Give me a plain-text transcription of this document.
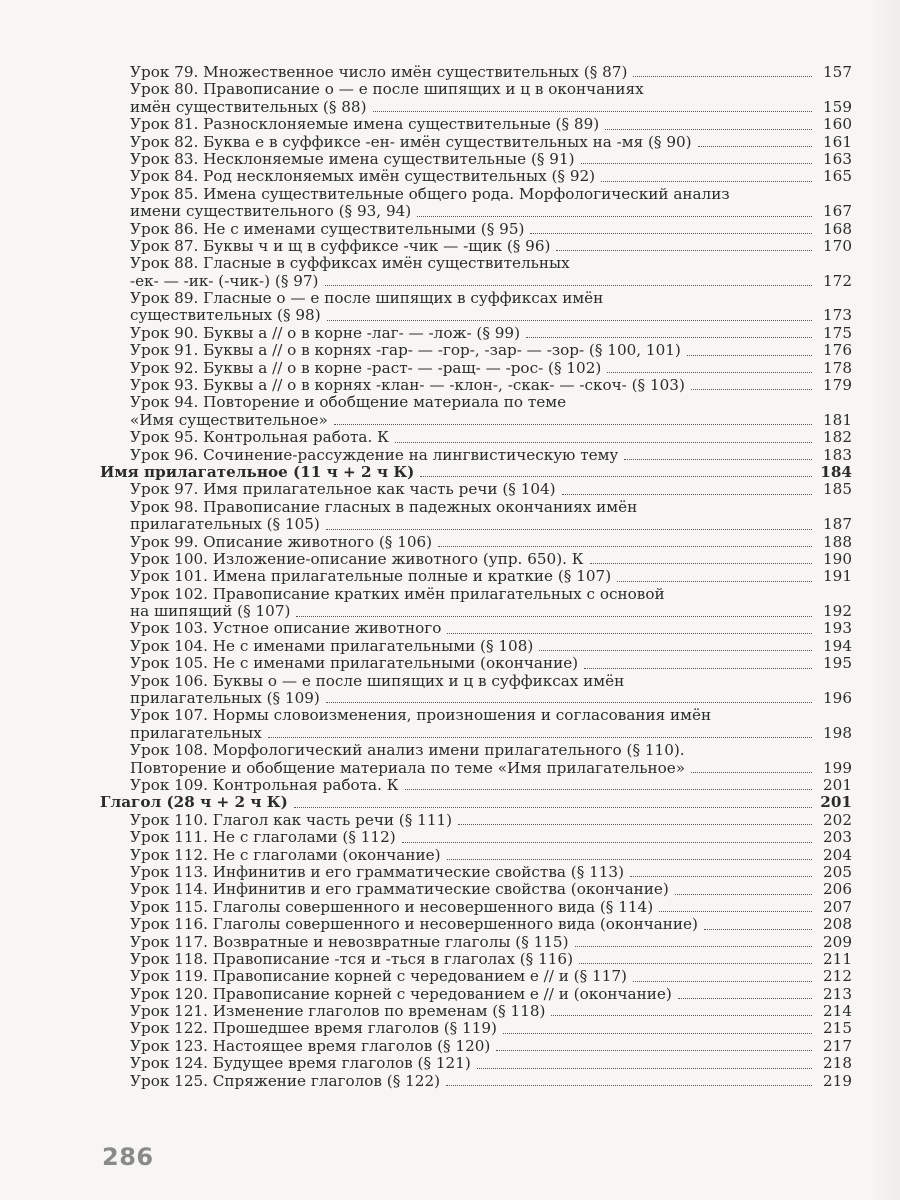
Урок 79. Множественное число имён существительных (§ 87)	157
Урок 80. Правописание о — е после шипящих и ц в окончаниях
имён существительных (§ 88)	159
Урок 81. Разносклоняемые имена существительные (§ 89)	160
Урок 82. Буква е в суффиксе -ен- имён существительных на -мя (§ 90)	161
Урок 83. Несклоняемые имена существительные (§ 91)	163
Урок 84. Род несклоняемых имён существительных (§ 92)	165
Урок 85. Имена существительные общего рода. Морфологический анализ
имени существительного (§ 93, 94)	167
Урок 86. Не с именами существительными (§ 95)	168
Урок 87. Буквы ч и щ в суффиксе -чик — -щик (§ 96)	170
Урок 88. Гласные в суффиксах имён существительных
-ек- — -ик- (-чик-) (§ 97)	172
Урок 89. Гласные о — е после шипящих в суффиксах имён
существительных (§ 98)	173
Урок 90. Буквы а // о в корне -лаг- — -лож- (§ 99)	175
Урок 91. Буквы а // о в корнях -гар- — -гор-, -зар- — -зор- (§ 100, 101)	176
Урок 92. Буквы а // о в корне -раст- — -ращ- — -рос- (§ 102)	178
Урок 93. Буквы а // о в корнях -клан- — -клон-, -скак- — -скоч- (§ 103)	179
Урок 94. Повторение и обобщение материала по теме
«Имя существительное»	181
Урок 95. Контрольная работа. К	182
Урок 96. Сочинение-рассуждение на лингвистическую тему	183
Имя прилагательное (11 ч + 2 ч К)	184
Урок 97. Имя прилагательное как часть речи (§ 104)	185
Урок 98. Правописание гласных в падежных окончаниях имён
прилагательных (§ 105)	187
Урок 99. Описание животного (§ 106)	188
Урок 100. Изложение-описание животного (упр. 650). К	190
Урок 101. Имена прилагательные полные и краткие (§ 107)	191
Урок 102. Правописание кратких имён прилагательных с основой
на шипящий (§ 107)	192
Урок 103. Устное описание животного	193
Урок 104. Не с именами прилагательными (§ 108)	194
Урок 105. Не с именами прилагательными (окончание)	195
Урок 106. Буквы о — е после шипящих и ц в суффиксах имён
прилагательных (§ 109)	196
Урок 107. Нормы словоизменения, произношения и согласования имён
прилагательных	198
Урок 108. Морфологический анализ имени прилагательного (§ 110).
Повторение и обобщение материала по теме «Имя прилагательное»	199
Урок 109. Контрольная работа. К	201
Глагол (28 ч + 2 ч К)	201
Урок 110. Глагол как часть речи (§ 111)	202
Урок 111. Не с глаголами (§ 112)	203
Урок 112. Не с глаголами (окончание)	204
Урок 113. Инфинитив и его грамматические свойства (§ 113)	205
Урок 114. Инфинитив и его грамматические свойства (окончание)	206
Урок 115. Глаголы совершенного и несовершенного вида (§ 114)	207
Урок 116. Глаголы совершенного и несовершенного вида (окончание)	208
Урок 117. Возвратные и невозвратные глаголы (§ 115)	209
Урок 118. Правописание -тся и -ться в глаголах (§ 116)	211
Урок 119. Правописание корней с чередованием е // и (§ 117)	212
Урок 120. Правописание корней с чередованием е // и (окончание)	213
Урок 121. Изменение глаголов по временам (§ 118)	214
Урок 122. Прошедшее время глаголов (§ 119)	215
Урок 123. Настоящее время глаголов (§ 120)	217
Урок 124. Будущее время глаголов (§ 121)	218
Урок 125. Спряжение глаголов (§ 122)	219
286
